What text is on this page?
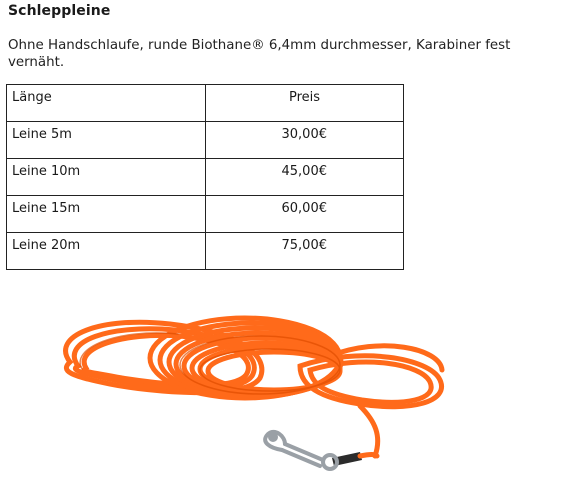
Schleppleine
Ohne Handschlaufe, runde Biothane® 6,4mm durchmesser, Karabiner fest vernäht.
Länge	Preis
Leine 5m	30,00€
Leine 10m	45,00€
Leine 15m	60,00€
Leine 20m	75,00€
